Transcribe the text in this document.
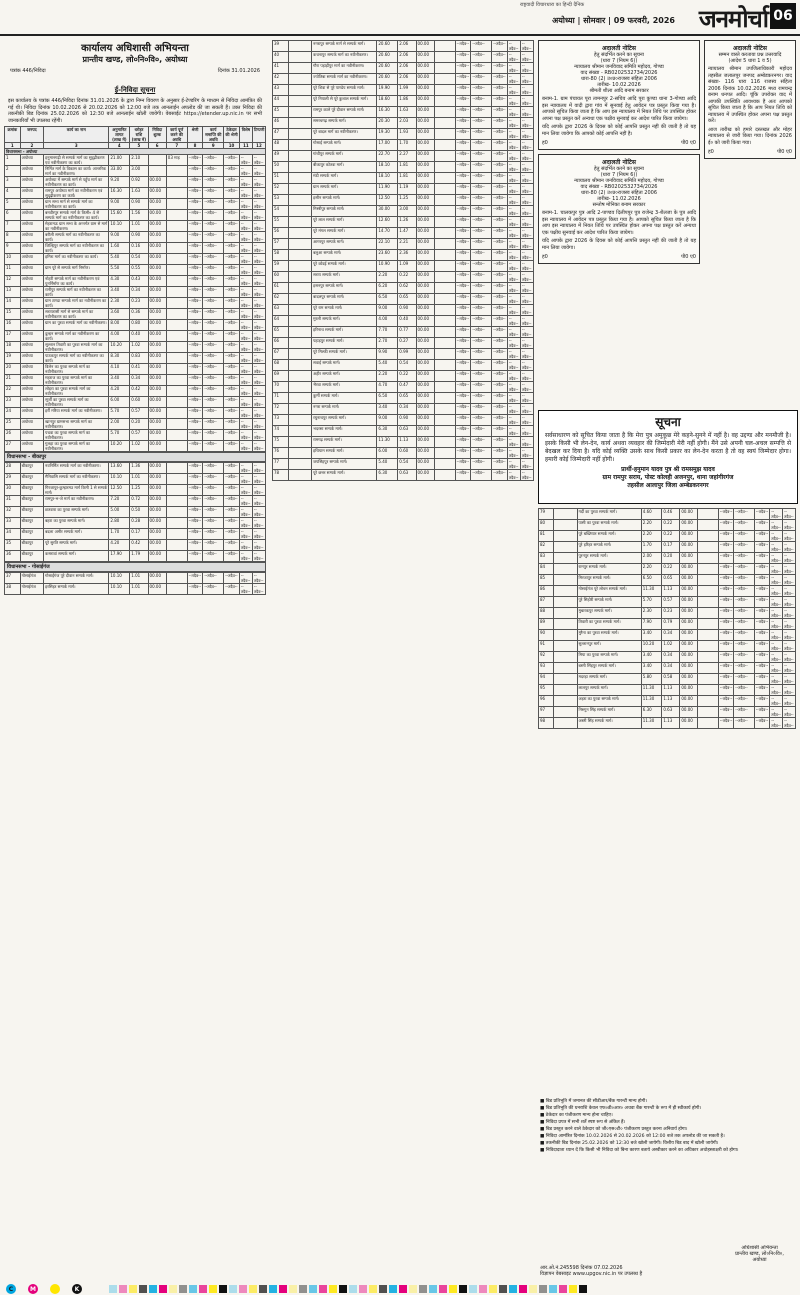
राष्ट्रवादी विचारधारा का हिन्दी दैनिक
अयोध्या | सोमवार | 09 फरवरी, 2026 जनमोर्चा 06
कार्यालय अधिशासी अभियन्ता
प्रान्तीय खण्ड, लो०नि०वि०, अयोध्या
पत्रांक 446/निविदा	दिनांक 31.01.2026
ई-निविदा सूचना
इस कार्यालय के पत्रांक 446/निविदा दिनांक 31.01.2026 के द्वारा निम्न विवरण के अनुसार ई-टेण्डरिंग के माध्यम से निविदा आमंत्रित की गई थी। निविदा दिनांक 10.02.2026 से 20.02.2026 को 12:00 बजे तक आनलाईन अपलोड की जा सकती हैं। उक्त निविदा की तकनीकी बिड दिनांक 25.02.2026 को 12:30 बजे आनलाईन खोली जायेगी। वेबसाईट https://etender.up.nic.in पर सभी जानकारियाँ भी उपलब्ध रहेंगी।
क्रमांक	जनपद	कार्य का नाम	अनुमानित लागत (लाख में)	धरोहर राशि (लाख में)	निविदा शुल्क	कार्य पूर्ण करने की अवधि	श्रेणी	कार्य समाप्ति की अवधि	ठेकेदार की श्रेणी	विशेष	टिप्पणी
1	2	3	4	5	6	7	8	9	10	11	12
विधानसभा - अयोध्या											
1	अयोध्या	हनुमानगढ़ी से सम्पर्क मार्ग का सुदृढ़ीकरण एवं नवीनीकरण का कार्य।	21.00	2.10		03 माह	--तदैव--	--तदैव--	--तदैव--	--तदैव--	--तदैव--
2	अयोध्या	निर्मित मार्ग के विकास का कार्य। आन्तरिक मार्ग का नवीनीकरण।	33.00	3.00			--तदैव--	--तदैव--	--तदैव--	--तदैव--	--तदैव--
3	अयोध्या	अयोध्या में सम्पर्क मार्ग से पहुँच मार्ग का नवीनीकरण का कार्य।	9.20	0.92	00.00		--तदैव--	--तदैव--	--तदैव--	--तदैव--	--तदैव--
4	अयोध्या	रामपुर अयोध्या मार्ग का नवीनीकरण एवं सुदृढ़ीकरण का कार्य।	16.30	1.63	00.00		--तदैव--	--तदैव--	--तदैव--	--तदैव--	--तदैव--
5	अयोध्या	ग्राम सभा मार्ग से सम्पर्क मार्ग का नवीनीकरण का कार्य।	9.00	0.90	00.00		--तदैव--	--तदैव--	--तदैव--	--तदैव--	--तदैव--
6	अयोध्या	बनवीरपुर सम्पर्क मार्ग के किमी० 4 से सम्पर्क मार्ग का नवीनीकरण का कार्य।	15.60	1.56	00.00		--तदैव--	--तदैव--	--तदैव--	--तदैव--	--तदैव--
7	अयोध्या	मेहरामऊ ग्राम सभा के अन्तर्गत ग्राम से मार्ग का नवीनीकरण।	10.10	1.01	00.00		--तदैव--	--तदैव--	--तदैव--	--तदैव--	--तदैव--
8	अयोध्या	बरौली सम्पर्क मार्ग का नवीनीकरण का कार्य।	9.00	0.90	00.00		--तदैव--	--तदैव--	--तदैव--	--तदैव--	--तदैव--
9	अयोध्या	जिल्हिपुर सम्पर्क मार्ग का नवीनीकरण का कार्य।	1.60	0.16	00.00		--तदैव--	--तदैव--	--तदैव--	--तदैव--	--तदैव--
10	अयोध्या	हमिरा मार्ग का नवीनीकरण का कार्य।	5.40	0.54	00.00		--तदैव--	--तदैव--	--तदैव--	--तदैव--	--तदैव--
11	अयोध्या	ग्राम पूरे से सम्पर्क मार्ग निर्माण।	5.50	0.55	00.00		--तदैव--	--तदैव--	--तदैव--	--तदैव--	--तदैव--
12	अयोध्या	नोहरी सम्पर्क मार्ग का नवीनीकरण एवं पुनर्निर्माण का कार्य।	4.30	0.43	00.00		--तदैव--	--तदैव--	--तदैव--	--तदैव--	--तदैव--
13	अयोध्या	रानीपुर सम्पर्क मार्ग का नवीनीकरण का कार्य।	3.40	0.34	00.00		--तदैव--	--तदैव--	--तदैव--	--तदैव--	--तदैव--
14	अयोध्या	ग्राम टाण्डा सम्पर्क मार्ग का नवीनीकरण का कार्य।	2.30	0.23	00.00		--तदैव--	--तदैव--	--तदैव--	--तदैव--	--तदैव--
15	अयोध्या	सरायरासी मार्ग से सम्पर्क मार्ग का नवीनीकरण का कार्य।	3.60	0.36	00.00		--तदैव--	--तदैव--	--तदैव--	--तदैव--	--तदैव--
16	अयोध्या	ग्राम का पुरवा सम्पर्क मार्ग का नवीनीकरण।	8.00	0.80	00.00		--तदैव--	--तदैव--	--तदैव--	--तदैव--	--तदैव--
17	अयोध्या	दुल्हन सम्पर्क मार्ग का नवीनीकरण का कार्य।	4.00	0.40	00.00		--तदैव--	--तदैव--	--तदैव--	--तदैव--	--तदैव--
18	अयोध्या	सुल्तान तिवारी का पुरवा सम्पर्क मार्ग का नवीनीकरण।	10.20	1.02	00.00		--तदैव--	--तदैव--	--तदैव--	--तदैव--	--तदैव--
19	अयोध्या	पाठकपुर सम्पर्क मार्ग का नवीनीकरण का कार्य।	8.30	0.83	00.00		--तदैव--	--तदैव--	--तदैव--	--तदैव--	--तदैव--
20	अयोध्या	विलेन का पुरवा सम्पर्क मार्ग का नवीनीकरण।	4.10	0.41	00.00		--तदैव--	--तदैव--	--तदैव--	--तदैव--	--तदैव--
21	अयोध्या	महराज का पुरवा सम्पर्क मार्ग का नवीनीकरण।	3.40	0.34	00.00		--तदैव--	--तदैव--	--तदैव--	--तदैव--	--तदैव--
22	अयोध्या	लोहरा का पुरवा सम्पर्क मार्ग का नवीनीकरण।	4.20	0.42	00.00		--तदैव--	--तदैव--	--तदैव--	--तदैव--	--तदैव--
23	अयोध्या	सूर्जी का पुरवा सम्पर्क मार्ग का नवीनीकरण।	6.00	0.60	00.00		--तदैव--	--तदैव--	--तदैव--	--तदैव--	--तदैव--
24	अयोध्या	हर्री मरिया सम्पर्क मार्ग का नवीनीकरण।	5.70	0.57	00.00		--तदैव--	--तदैव--	--तदैव--	--तदैव--	--तदैव--
25	अयोध्या	खानपुर ग्रामसभा सम्पर्क मार्ग का नवीनीकरण।	2.00	0.20	00.00		--तदैव--	--तदैव--	--तदैव--	--तदैव--	--तदैव--
26	अयोध्या	पचवा का पुरवा सम्पर्क मार्ग का नवीनीकरण।	5.70	0.57	00.00		--तदैव--	--तदैव--	--तदैव--	--तदैव--	--तदैव--
27	अयोध्या	गुलहा का पुरवा सम्पर्क मार्ग का नवीनीकरण।	10.20	1.02	00.00		--तदैव--	--तदैव--	--तदैव--	--तदैव--	--तदैव--
विधानसभा - बीकापुर
28	बीकापुर	नवनिर्मित सम्पर्क मार्ग का नवीनीकरण।	13.60	1.36	00.00		--तदैव--	--तदैव--	--तदैव--	--तदैव--	--तदैव--
29	बीकापुर	मैनिवासि सम्पर्क मार्ग का नवीनीकरण।	10.10	1.01	00.00		--तदैव--	--तदैव--	--तदैव--	--तदैव--	--तदैव--
30	बीकापुर	गिरजापुर-कुम्हारमउ मार्ग किमी 1 से सम्पर्क मार्ग।	12.50	1.25	00.00		--तदैव--	--तदैव--	--तदैव--	--तदैव--	--तदैव--
31	बीकापुर	रामपुर-भ-जे मार्ग का नवीनीकरण।	7.20	0.72	00.00		--तदैव--	--तदैव--	--तदैव--	--तदैव--	--तदैव--
32	बीकापुर	छतवारा का पुरवा सम्पर्क मार्ग।	5.00	0.50	00.00		--तदैव--	--तदैव--	--तदैव--	--तदैव--	--तदैव--
33	बीकापुर	बहरा का पुरवा सम्पर्क मार्ग।	2.80	0.28	00.00		--तदैव--	--तदैव--	--तदैव--	--तदैव--	--तदैव--
34	बीकापुर	बदला अमीर सम्पर्क मार्ग।	1.70	0.17	00.00		--तदैव--	--तदैव--	--तदैव--	--तदैव--	--तदैव--
35	बीकापुर	पूरे सुरति सम्पर्क मार्ग।	4.20	0.42	00.00		--तदैव--	--तदैव--	--तदैव--	--तदैव--	--तदैव--
36	बीकापुर	कसरावां सम्पर्क मार्ग।	17.90	1.79	00.00		--तदैव--	--तदैव--	--तदैव--	--तदैव--	--तदैव--
विधानसभा - गोसाईगंज
37	गोसाईगंज	गोसाईगंज पूरे दीवान सम्पर्क मार्ग।	10.10	1.01	00.00		--तदैव--	--तदैव--	--तदैव--	--तदैव--	--तदैव--
38	गोसाईगंज	हरसिहर सम्पर्क मार्ग।	10.10	1.01	00.00		--तदैव--	--तदैव--	--तदैव--	--तदैव--	--तदैव--
39		नगरापुर सम्पर्क मार्ग से सम्पर्क मार्ग।	20.60	2.06	00.00		--तदैव--	--तदैव--	--तदैव--	--तदैव--	--तदैव--
40		कचनापुर सम्पर्क मार्ग का नवीनीकरण।	20.60	2.06	00.00		--तदैव--	--तदैव--	--तदैव--	--तदैव--	--तदैव--
41		गौरा पहाड़ीपुर मार्ग का नवीनीकरण।	20.60	2.06	00.00		--तदैव--	--तदैव--	--तदैव--	--तदैव--	--तदैव--
42		ज्योतिबा सम्पर्क मार्ग का नवीनीकरण।	20.60	2.06	00.00		--तदैव--	--तदैव--	--तदैव--	--तदैव--	--तदैव--
43		पूरे शिवा से पूरे पाण्डेय सम्पर्क मार्ग।	19.90	1.99	00.00		--तदैव--	--तदैव--	--तदैव--	--तदैव--	--तदैव--
44		पूरे नियाली से पूरे कुशाल सम्पर्क मार्ग।	18.60	1.86	00.00		--तदैव--	--तदैव--	--तदैव--	--तदैव--	--तदैव--
45		रामपुर काले पूरे दीवान सम्पर्क मार्ग।	16.30	1.63	00.00		--तदैव--	--तदैव--	--तदैव--	--तदैव--	--तदैव--
46		समरथगढ़ सम्पर्क मार्ग।	20.30	2.03	00.00		--तदैव--	--तदैव--	--तदैव--	--तदैव--	--तदैव--
47		पूरे बादल मार्ग का नवीनीकरण।	19.30	1.93	00.00		--तदैव--	--तदैव--	--तदैव--	--तदैव--	--तदैव--
48		गोसाई सम्पर्क मार्ग।	17.00	1.70	00.00		--तदैव--	--तदैव--	--तदैव--	--तदैव--	--तदैव--
49		गांधीपुर सम्पर्क मार्ग।	22.70	2.27	00.00		--तदैव--	--तदैव--	--तदैव--	--तदैव--	--तदैव--
50		बीकापुर कोतवा मार्ग।	18.10	1.81	00.00		--तदैव--	--तदैव--	--तदैव--	--तदैव--	--तदैव--
51		मंडी सम्पर्क मार्ग।	18.10	1.81	00.00		--तदैव--	--तदैव--	--तदैव--	--तदैव--	--तदैव--
52		ग्राम सम्पर्क मार्ग।	11.90	1.19	00.00		--तदैव--	--तदैव--	--तदैव--	--तदैव--	--तदैव--
53		हसीन सम्पर्क मार्ग।	12.50	1.25	00.00		--तदैव--	--तदैव--	--तदैव--	--तदैव--	--तदैव--
54		मिस्त्रीपुर सम्पर्क मार्ग।	30.00	3.00	00.00		--तदैव--	--तदैव--	--तदैव--	--तदैव--	--तदैव--
55		पूरे लाल सम्पर्क मार्ग।	12.60	1.26	00.00		--तदैव--	--तदैव--	--तदैव--	--तदैव--	--तदैव--
56		पूरे मंगल सम्पर्क मार्ग।	14.70	1.47	00.00		--तदैव--	--तदैव--	--तदैव--	--तदैव--	--तदैव--
57		आगरपुर सम्पर्क मार्ग।	22.10	2.21	00.00		--तदैव--	--तदैव--	--तदैव--	--तदैव--	--तदैव--
58		बलुआ सम्पर्क मार्ग।	23.60	2.36	00.00		--तदैव--	--तदैव--	--तदैव--	--तदैव--	--तदैव--
59		पूरे कोदई सम्पर्क मार्ग।	10.90	1.09	00.00		--तदैव--	--तदैव--	--तदैव--	--तदैव--	--तदैव--
60		सराय सम्पर्क मार्ग।	2.20	0.22	00.00		--तदैव--	--तदैव--	--तदैव--	--तदैव--	--तदैव--
61		हसनपुर सम्पर्क मार्ग।	6.20	0.62	00.00		--तदैव--	--तदैव--	--तदैव--	--तदैव--	--तदैव--
62		बादलपुर सम्पर्क मार्ग।	6.50	0.65	00.00		--तदैव--	--तदैव--	--तदैव--	--तदैव--	--तदैव--
63		पूरे राम सम्पर्क मार्ग।	9.00	0.90	00.00		--तदैव--	--तदैव--	--तदैव--	--तदैव--	--तदैव--
64		मुरली सम्पर्क मार्ग।	4.00	0.40	00.00		--तदैव--	--तदैव--	--तदैव--	--तदैव--	--तदैव--
65		हरिनाथ सम्पर्क मार्ग।	7.70	0.77	00.00		--तदैव--	--तदैव--	--तदैव--	--तदैव--	--तदैव--
66		पहाड़पुर सम्पर्क मार्ग।	2.70	0.27	00.00		--तदैव--	--तदैव--	--तदैव--	--तदैव--	--तदैव--
67		पूरे मिल्की सम्पर्क मार्ग।	9.90	0.99	00.00		--तदैव--	--तदैव--	--तदैव--	--तदैव--	--तदैव--
68		सवाई सम्पर्क मार्ग।	5.40	0.54	00.00		--तदैव--	--तदैव--	--तदैव--	--तदैव--	--तदैव--
69		अहीर सम्पर्क मार्ग।	2.20	0.22	00.00		--तदैव--	--तदैव--	--तदैव--	--तदैव--	--तदैव--
70		भैरवा सम्पर्क मार्ग।	4.70	0.47	00.00		--तदैव--	--तदैव--	--तदैव--	--तदैव--	--तदैव--
71		कुर्मी सम्पर्क मार्ग।	6.50	0.65	00.00		--तदैव--	--तदैव--	--तदैव--	--तदैव--	--तदैव--
72		नगरा सम्पर्क मार्ग।	3.40	0.34	00.00		--तदैव--	--तदैव--	--तदैव--	--तदैव--	--तदैव--
73		रघुनाथपुर सम्पर्क मार्ग।	9.00	0.90	00.00		--तदैव--	--तदैव--	--तदैव--	--तदैव--	--तदैव--
74		भदरसा सम्पर्क मार्ग।	6.30	0.63	00.00		--तदैव--	--तदैव--	--तदैव--	--तदैव--	--तदैव--
75		रामगढ़ सम्पर्क मार्ग।	11.30	1.13	00.00		--तदैव--	--तदैव--	--तदैव--	--तदैव--	--तदैव--
76		हथियाम सम्पर्क मार्ग।	6.00	0.60	00.00		--तदैव--	--तदैव--	--तदैव--	--तदैव--	--तदैव--
77		जयसिंहपुर सम्पर्क मार्ग।	5.40	0.54	00.00		--तदैव--	--तदैव--	--तदैव--	--तदैव--	--तदैव--
78		पूरे छत्तर सम्पर्क मार्ग।	6.30	0.63	00.00		--तदैव--	--तदैव--	--तदैव--	--तदैव--	--तदैव--
अदालती नोटिस
हेतु संदर्भित करने का सूचना
(धारा 7 (नियम 6))
न्यायालय श्रीमान जनविवाद समिति महोदय, गोण्डा
वाद संख्या - RB0202532734/2026
धारा-80 (2) उ०प्र०राजस्व संहिता 2006
तारीख- 10.02.2026
श्रीमती शीला आदि बनाम सरकार

बनाम-1. ग्राम पंचायत पूरा तामनपुर 2-सचिव आदि पूरा कुण्डा थाना 3-गोण्डा आदि इस न्यायालय में वादी द्वारा गांव में सुनवाई हेतु आवेदन पत्र प्रस्तुत किया गया है। आपको सूचित किया जाता है कि आप इस न्यायालय में नियत तिथि पर उपस्थित होकर अपना पक्ष प्रस्तुत करें अन्यथा एक पक्षीय सुनवाई कर आदेश पारित किया जायेगा।

यदि आपके द्वारा 2026 के दिवस को कोई आपत्ति प्रस्तुत नहीं की जाती है तो यह मान लिया जायेगा कि आपको कोई आपत्ति नहीं है।

ह0	पी0 ए0
अदालती नोटिस
हेतु संदर्भित करने का सूचना
(धारा 7 (नियम 6))
न्यायालय श्रीमान जनविवाद समिति महोदय, गोण्डा
वाद संख्या - RB0202532734/2026
धारा-80 (2) उ०प्र०राजस्व संहिता 2006
तारीख- 11.02.2026
सन्तोष मोनिका बनाम सरकार

बनाम-1. चालकपुर पुत्र आदि 2-पाण्डव दिलीपपुर पुत्र राजेन्द्र 3-शैलजा के पुत्र आदि इस न्यायालय में आवेदन पत्र प्रस्तुत किया गया है। आपको सूचित किया जाता है कि आप इस न्यायालय में नियत तिथि पर उपस्थित होकर अपना पक्ष प्रस्तुत करें अन्यथा एक पक्षीय सुनवाई कर आदेश पारित किया जायेगा।

यदि आपके द्वारा 2026 के दिवस को कोई आपत्ति प्रस्तुत नहीं की जाती है तो यह मान लिया जायेगा।

ह0	पी0 ए0
अदालती नोटिस
सम्मन वास्ते करताया प्रश्न उत्तरवादि
(आदेश 5 धारा 1 व 5)

न्यायालय श्रीमान उपजिलाधिकारी महोदय तहसील जलालपुर जनपद अम्बेडकरनगर। वाद संख्या- 116 धारा 116 राजस्व संहिता 2006 दिनांक 10.02.2026 मध्य रामचन्द्र बनाम धनपत आदि। चूंकि उपरोक्त वाद में आपकी उपस्थिति आवश्यक है अतः आपको सूचित किया जाता है कि आप नियत तिथि को न्यायालय में उपस्थित होकर अपना पक्ष प्रस्तुत करें।

आज तारीख को हमारे दस्तखत और मोहर न्यायालय से जारी किया गया। दिनांक 2026 ई० को जारी किया गया।

ह0	पी0 ए0
सूचना

सर्वसाधारण को सूचित किया जाता है कि मेरा पुत्र अमुकूछ मेरे कहने-सुनने में नहीं है। वह उद्दण्ड और मनमौजी है। इसके किसी भी लेन-देन, कार्य अथवा व्यवहार की जिम्मेदारी मेरी नहीं होगी। मैंने उसे अपनी चल-अचल सम्पत्ति से बेदखल कर दिया है। यदि कोई व्यक्ति उसके साथ किसी प्रकार का लेन-देन करता है तो वह स्वयं जिम्मेदार होगा। हमारी कोई जिम्मेदारी नहीं होगी।

प्रार्थी-हनुमान यादव पुत्र श्री रामसमुझ यादव
ग्राम रामपुर सराय, पोस्ट कोलही अजनपुर, थाना जहांगीरगंज
तहसील आलापुर जिला अम्बेडकरनगर
79		गर्दी का पुरवा सम्पर्क मार्ग।	4.60	0.46	00.00		--तदैव--	--तदैव--	--तदैव--	--तदैव--	--तदैव--
80		पासी का पुरवा सम्पर्क मार्ग।	2.20	0.22	00.00		--तदैव--	--तदैव--	--तदैव--	--तदैव--	--तदैव--
81		पूरे बख्तियार सम्पर्क मार्ग।	2.20	0.22	00.00		--तदैव--	--तदैव--	--तदैव--	--तदैव--	--तदैव--
82		पूरे हरिहर सम्पर्क मार्ग।	1.70	0.17	00.00		--तदैव--	--तदैव--	--तदैव--	--तदैव--	--तदैव--
83		पूरनपुर सम्पर्क मार्ग।	2.00	0.20	00.00		--तदैव--	--तदैव--	--तदैव--	--तदैव--	--तदैव--
84		रामपुर सम्पर्क मार्ग।	2.20	0.22	00.00		--तदैव--	--तदैव--	--तदैव--	--तदैव--	--तदैव--
85		मिरजापुर सम्पर्क मार्ग।	6.50	0.65	00.00		--तदैव--	--तदैव--	--तदैव--	--तदैव--	--तदैव--
86		गोसाईगंज पूरे लोधन सम्पर्क मार्ग।	11.30	1.13	00.00		--तदैव--	--तदैव--	--तदैव--	--तदैव--	--तदैव--
87		पूरे सिहोरी सम्पर्क मार्ग।	5.70	0.57	00.00		--तदैव--	--तदैव--	--तदैव--	--तदैव--	--तदैव--
88		मुबारकपुर सम्पर्क मार्ग।	2.30	0.23	00.00		--तदैव--	--तदैव--	--तदैव--	--तदैव--	--तदैव--
89		तिवारी का पुरवा सम्पर्क मार्ग।	7.90	0.79	00.00		--तदैव--	--तदैव--	--तदैव--	--तदैव--	--तदैव--
90		मुरैना का पुरवा सम्पर्क मार्ग।	3.40	0.34	00.00		--तदैव--	--तदैव--	--तदैव--	--तदैव--	--तदैव--
91		सुल्तानपुर मार्ग।	10.20	1.02	00.00		--तदैव--	--तदैव--	--तदैव--	--तदैव--	--तदैव--
92		मिया का पुरवा सम्पर्क मार्ग।	3.40	0.34	00.00		--तदैव--	--तदैव--	--तदैव--	--तदैव--	--तदैव--
93		बस्ती सिंहपुर सम्पर्क मार्ग।	3.40	0.34	00.00		--तदैव--	--तदैव--	--तदैव--	--तदैव--	--तदैव--
94		मदरहा सम्पर्क मार्ग।	5.80	0.58	00.00		--तदैव--	--तदैव--	--तदैव--	--तदैव--	--तदैव--
95		लालपुर सम्पर्क मार्ग।	11.30	1.13	00.00		--तदैव--	--तदैव--	--तदैव--	--तदैव--	--तदैव--
96		अहरा का पुरवा सम्पर्क मार्ग।	11.30	1.13	00.00		--तदैव--	--तदैव--	--तदैव--	--तदैव--	--तदैव--
97		निरुगुन सिंह सम्पर्क मार्ग।	6.30	0.63	00.00		--तदैव--	--तदैव--	--तदैव--	--तदैव--	--तदैव--
98		अस्ती सिंह सम्पर्क मार्ग।	11.30	1.13	00.00		--तदैव--	--तदैव--	--तदैव--	--तदैव--	--तदैव--
■ बिड प्रतिभूति में जमानत की सीडीआर/बैंक गारन्टी मान्य होगी।
■ बिड प्रतिभूति की धनराशि केवल एफ०डी०आर० अथवा बैंक गारन्टी के रूप में ही स्वीकार्य होगी।
■ ठेकेदार का पंजीकरण मान्य होना चाहिए।
■ निविदा प्रपत्र में सभी शर्तें स्पष्ट रूप से अंकित हैं।
■ बिड प्रस्तुत करने वाले ठेकेदार को जी०एस०टी० पंजीकरण प्रस्तुत करना अनिवार्य होगा।
■ निविदा आमंत्रित दिनांक 10.02.2026 से 20.02.2026 को 12:00 बजे तक अपलोड की जा सकती है।
■ तकनीकी बिड दिनांक 25.02.2026 को 12:30 बजे खोली जायेगी। वित्तीय बिड बाद में खोली जायेगी।
■ निविदादाता ध्यान दें कि किसी भी निविदा को बिना कारण बताये अस्वीकार करने का अधिकार अधोहस्ताक्षरी को होगा।
अधिशासी अभियन्ता
प्रान्तीय खण्ड, लो०नि०वि०,
अयोध्या
आर.ओ.नं.245598 दिनांक 07.02.2026
विज्ञापन वेबसाइट www.upgov.nic.in पर उपलब्ध है
C	M	K
